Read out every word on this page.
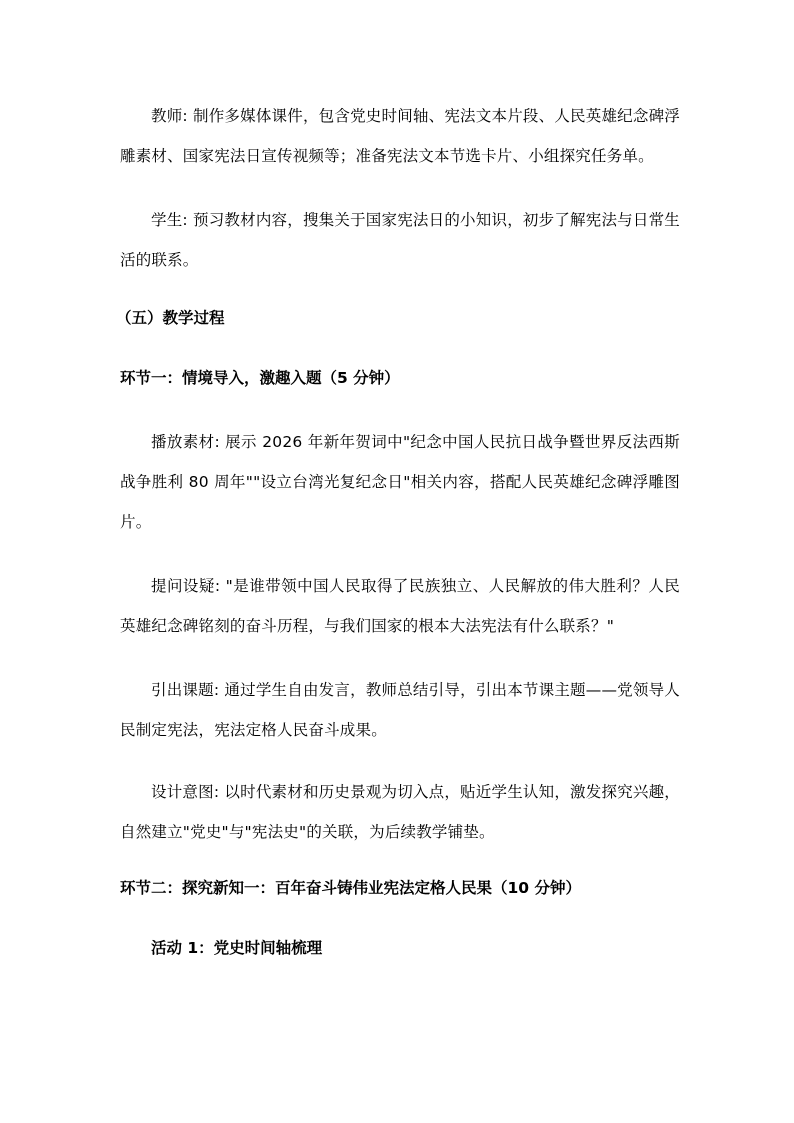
教师: 制作多媒体课件，包含党史时间轴、宪法文本片段、人民英雄纪念碑浮雕素材、国家宪法日宣传视频等；准备宪法文本节选卡片、小组探究任务单。

学生: 预习教材内容，搜集关于国家宪法日的小知识，初步了解宪法与日常生活的联系。

（五）教学过程
环节一：情境导入，激趣入题（5 分钟）

播放素材: 展示 2026 年新年贺词中"纪念中国人民抗日战争暨世界反法西斯战争胜利 80 周年""设立台湾光复纪念日"相关内容，搭配人民英雄纪念碑浮雕图片。

提问设疑: "是谁带领中国人民取得了民族独立、人民解放的伟大胜利？人民英雄纪念碑铭刻的奋斗历程，与我们国家的根本大法宪法有什么联系？"

引出课题: 通过学生自由发言，教师总结引导，引出本节课主题——党领导人民制定宪法，宪法定格人民奋斗成果。

设计意图: 以时代素材和历史景观为切入点，贴近学生认知，激发探究兴趣，自然建立"党史"与"宪法史"的关联，为后续教学铺垫。

环节二：探究新知一：百年奋斗铸伟业宪法定格人民果（10 分钟）
活动 1：党史时间轴梳理
